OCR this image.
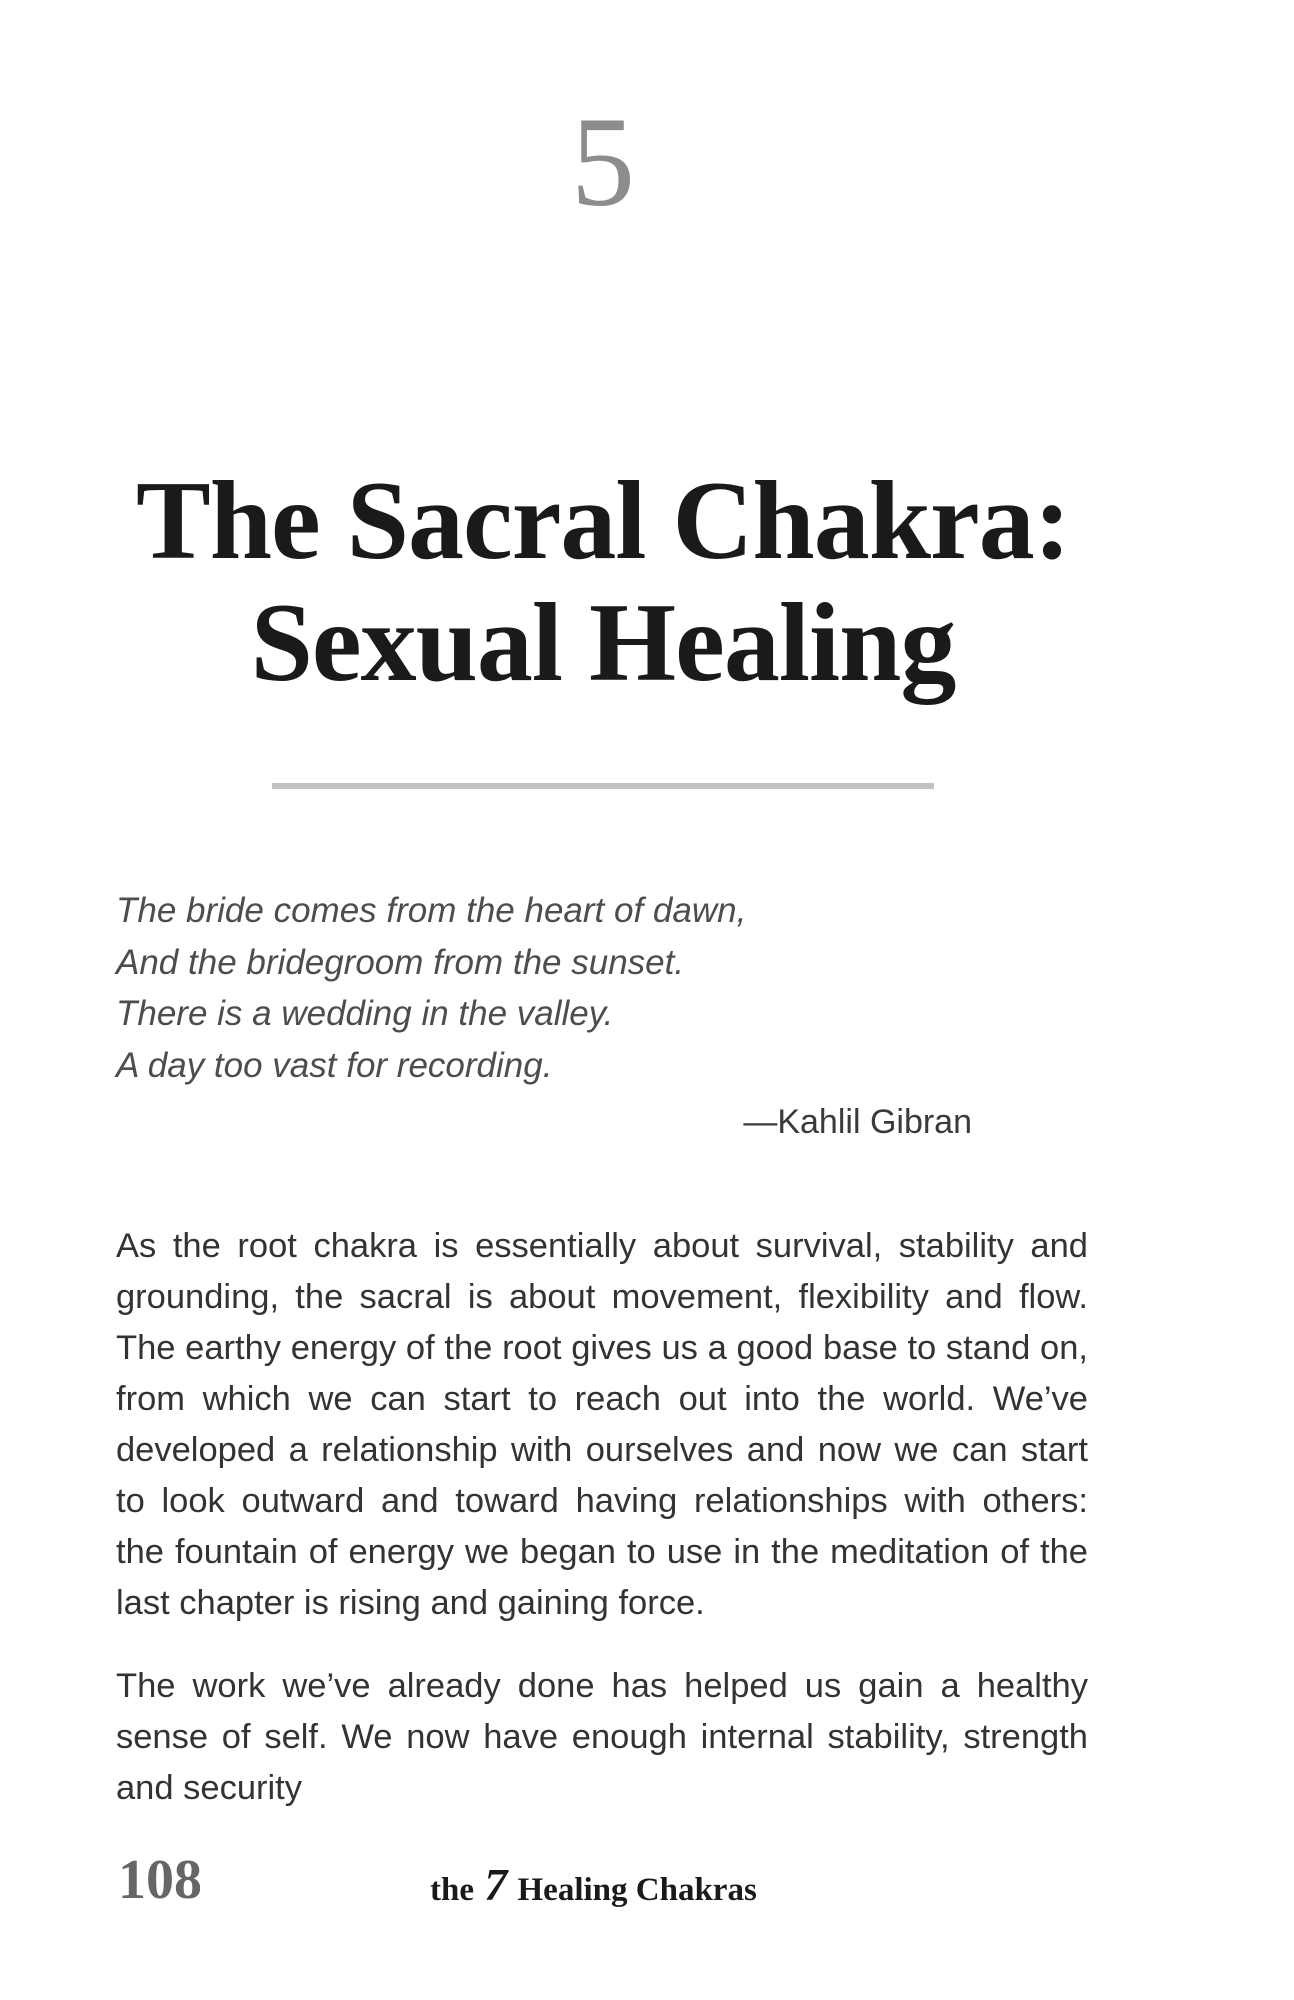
5
The Sacral Chakra:
Sexual Healing
The bride comes from the heart of dawn,
And the bridegroom from the sunset.
There is a wedding in the valley.
A day too vast for recording.
—Kahlil Gibran

As the root chakra is essentially about survival, stability and grounding, the sacral is about movement, flexibility and flow. The earthy energy of the root gives us a good base to stand on, from which we can start to reach out into the world. We’ve developed a relationship with ourselves and now we can start to look outward and toward having relationships with others: the fountain of energy we began to use in the meditation of the last chapter is rising and gaining force.

The work we’ve already done has helped us gain a healthy sense of self. We now have enough internal stability, strength and security

108	the 7 Healing Chakras
